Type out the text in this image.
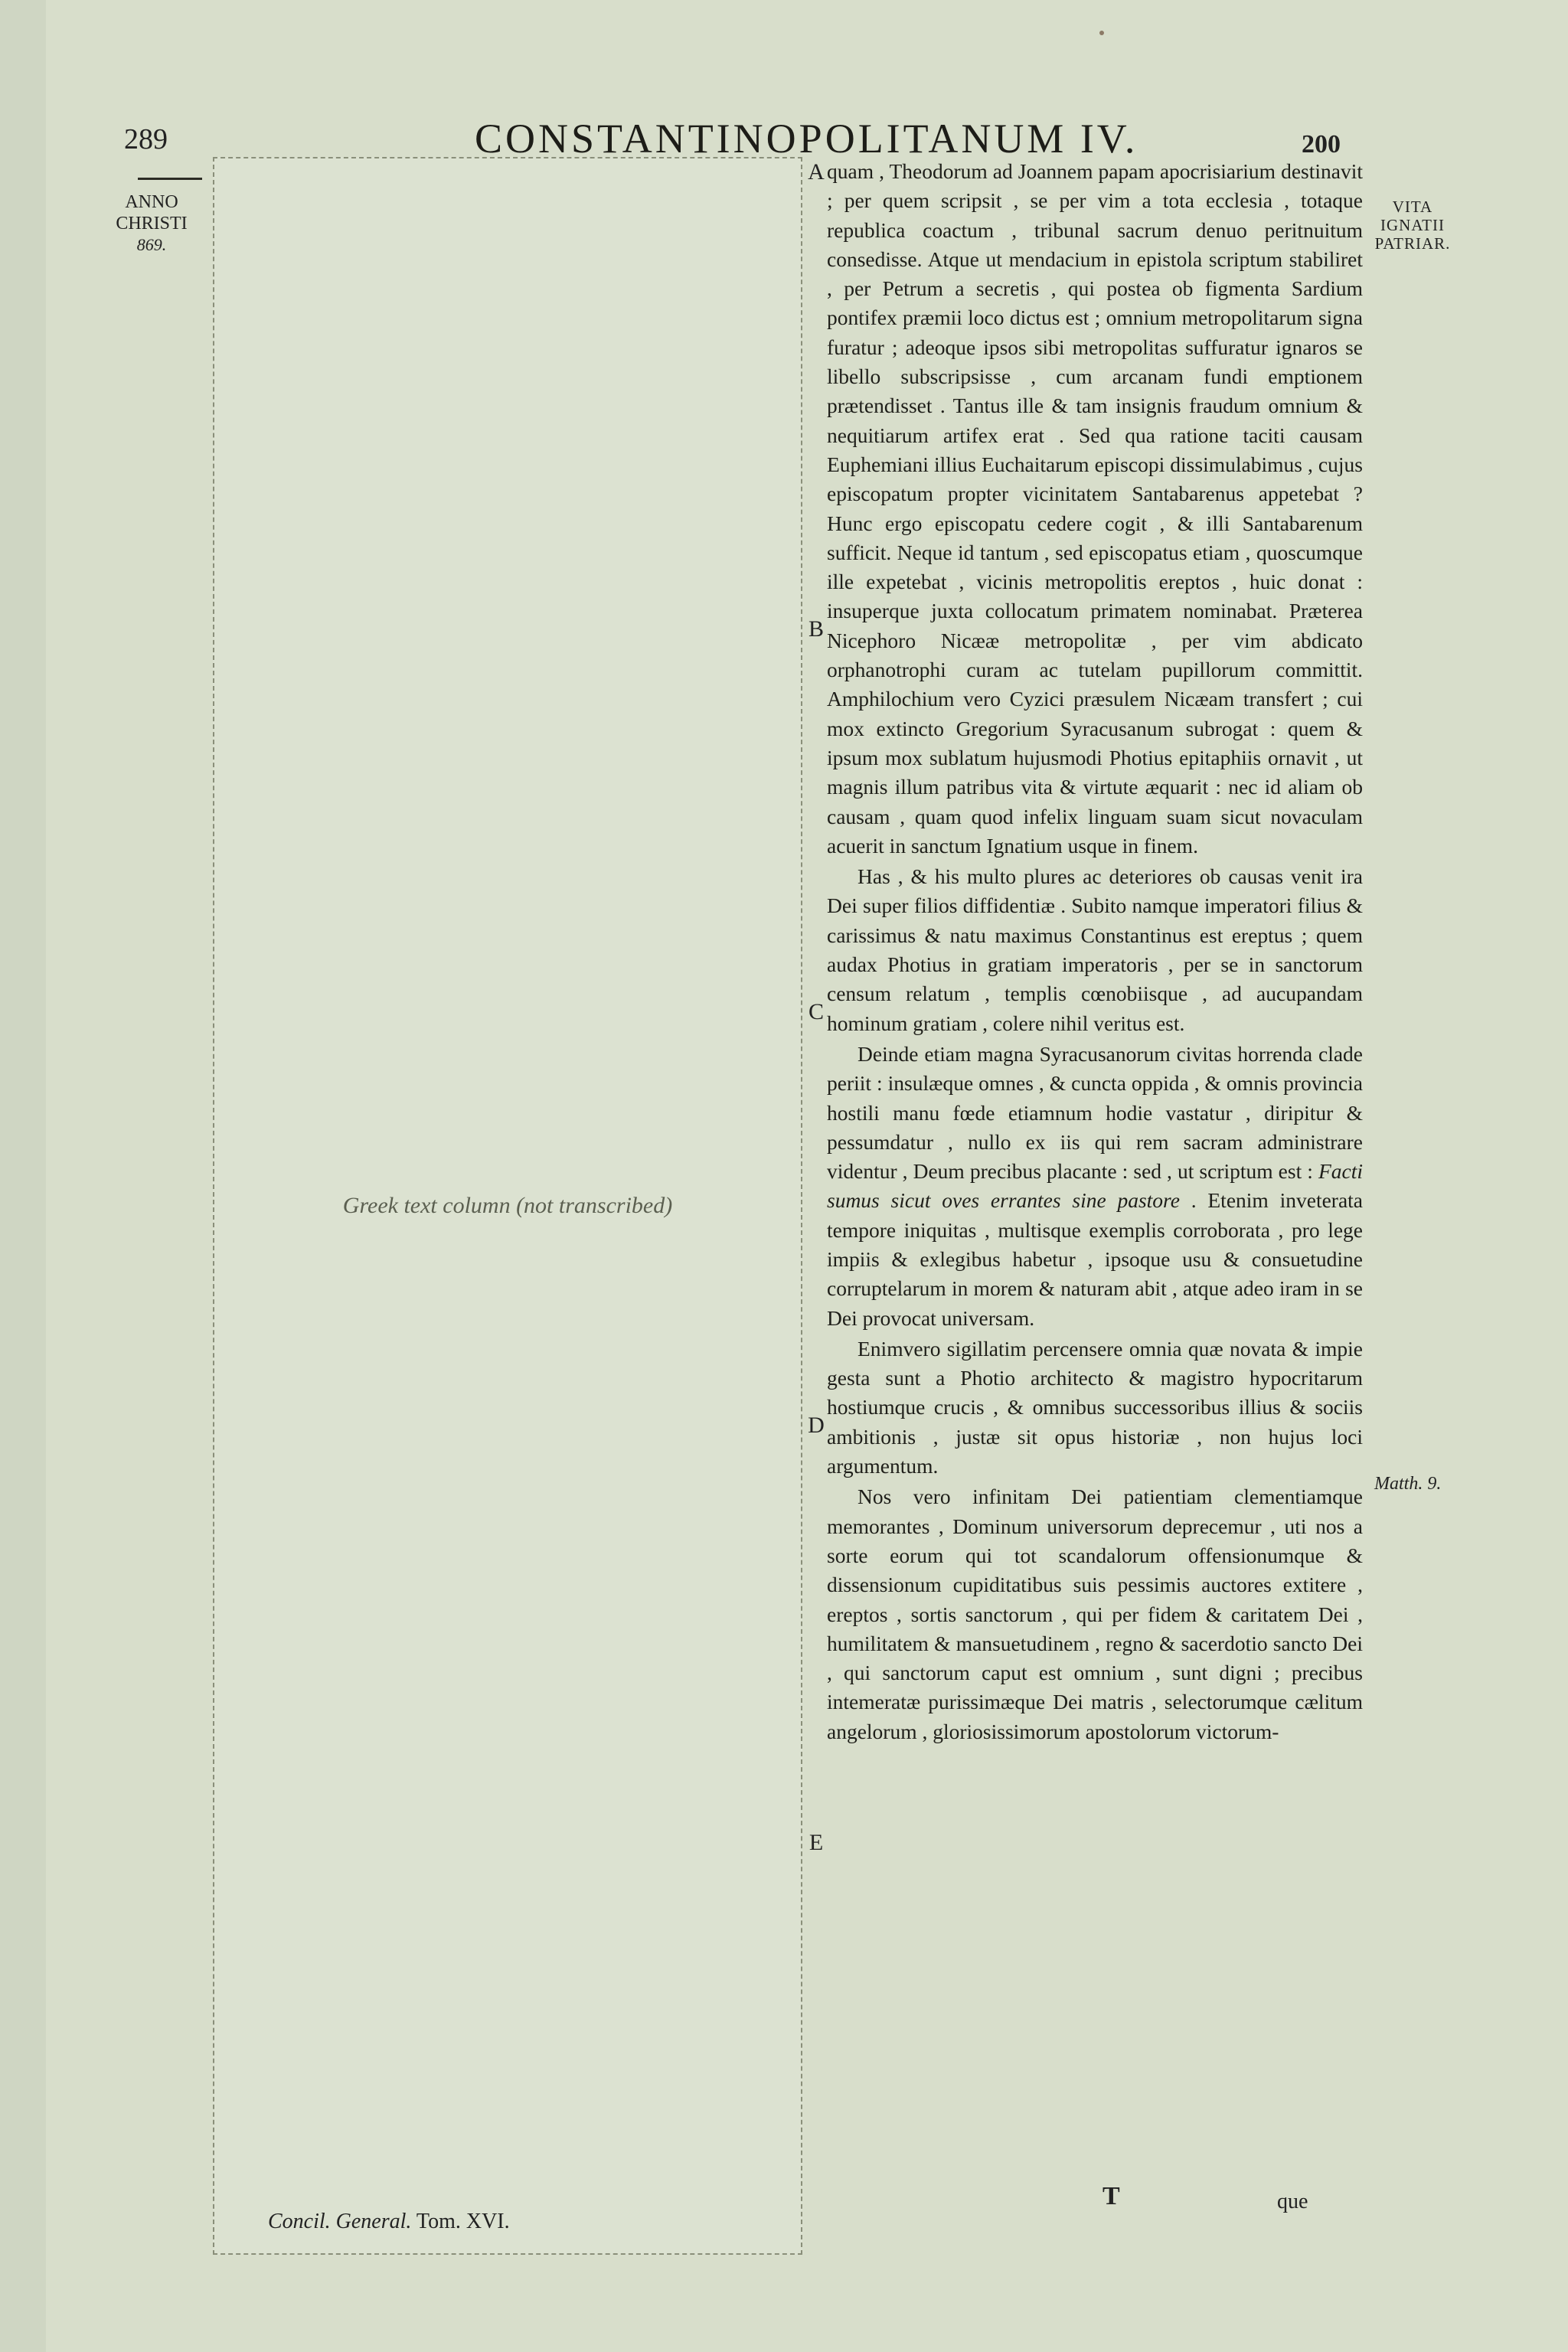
289	CONSTANTINOPOLITANUM IV.	200
ANNO
CHRISTI
869.
Greek text column (not transcribed)
A
B
C
D
E

quam , Theodorum ad Joannem papam apocrisiarium destinavit ; per quem scripsit , se per vim a tota ecclesia , totaque republica coactum , tribunal sacrum denuo peritnuitum consedisse. Atque ut mendacium in epistola scriptum stabiliret , per Petrum a secretis , qui postea ob figmenta Sardium pontifex præmii loco dictus est ; omnium metropolitarum signa furatur ; adeoque ipsos sibi metropolitas suffuratur ignaros se libello subscripsisse , cum arcanam fundi emptionem prætendisset . Tantus ille & tam insignis fraudum omnium & nequitiarum artifex erat . Sed qua ratione taciti causam Euphemiani illius Euchaitarum episcopi dissimulabimus , cujus episcopatum propter vicinitatem Santabarenus appetebat ? Hunc ergo episcopatu cedere cogit , & illi Santabarenum sufficit. Neque id tantum , sed episcopatus etiam , quoscumque ille expetebat , vicinis metropolitis ereptos , huic donat : insuperque juxta collocatum primatem nominabat. Præterea Nicephoro Nicææ metropolitæ , per vim abdicato orphanotrophi curam ac tutelam pupillorum committit. Amphilochium vero Cyzici præsulem Nicæam transfert ; cui mox extincto Gregorium Syracusanum subrogat : quem & ipsum mox sublatum hujusmodi Photius epitaphiis ornavit , ut magnis illum patribus vita & virtute æquarit : nec id aliam ob causam , quam quod infelix linguam suam sicut novaculam acuerit in sanctum Ignatium usque in finem.

Has , & his multo plures ac deteriores ob causas venit ira Dei super filios diffidentiæ . Subito namque imperatori filius & carissimus & natu maximus Constantinus est ereptus ; quem audax Photius in gratiam imperatoris , per se in sanctorum censum relatum , templis cœnobiisque , ad aucupandam hominum gratiam , colere nihil veritus est.

Deinde etiam magna Syracusanorum civitas horrenda clade periit : insulæque omnes , & cuncta oppida , & omnis provincia hostili manu fœde etiamnum hodie vastatur , diripitur & pessumdatur , nullo ex iis qui rem sacram administrare videntur , Deum precibus placante : sed , ut scriptum est : Facti sumus sicut oves errantes sine pastore . Etenim inveterata tempore iniquitas , multisque exemplis corroborata , pro lege impiis & exlegibus habetur , ipsoque usu & consuetudine corruptelarum in morem & naturam abit , atque adeo iram in se Dei provocat universam.

Enimvero sigillatim percensere omnia quæ novata & impie gesta sunt a Photio architecto & magistro hypocritarum hostiumque crucis , & omnibus successoribus illius & sociis ambitionis , justæ sit opus historiæ , non hujus loci argumentum.

Nos vero infinitam Dei patientiam clementiamque memorantes , Dominum universorum deprecemur , uti nos a sorte eorum qui tot scandalorum offensionumque & dissensionum cupiditatibus suis pessimis auctores extitere , ereptos , sortis sanctorum , qui per fidem & caritatem Dei , humilitatem & mansuetudinem , regno & sacerdotio sancto Dei , qui sanctorum caput est omnium , sunt digni ; precibus intemeratæ purissimæque Dei matris , selectorumque cælitum angelorum , gloriosissimorum apostolorum victorum-

VITA
IGNATII
PATRIAR.
Matth. 9.
Concil. General. Tom. XVI.
T	que
